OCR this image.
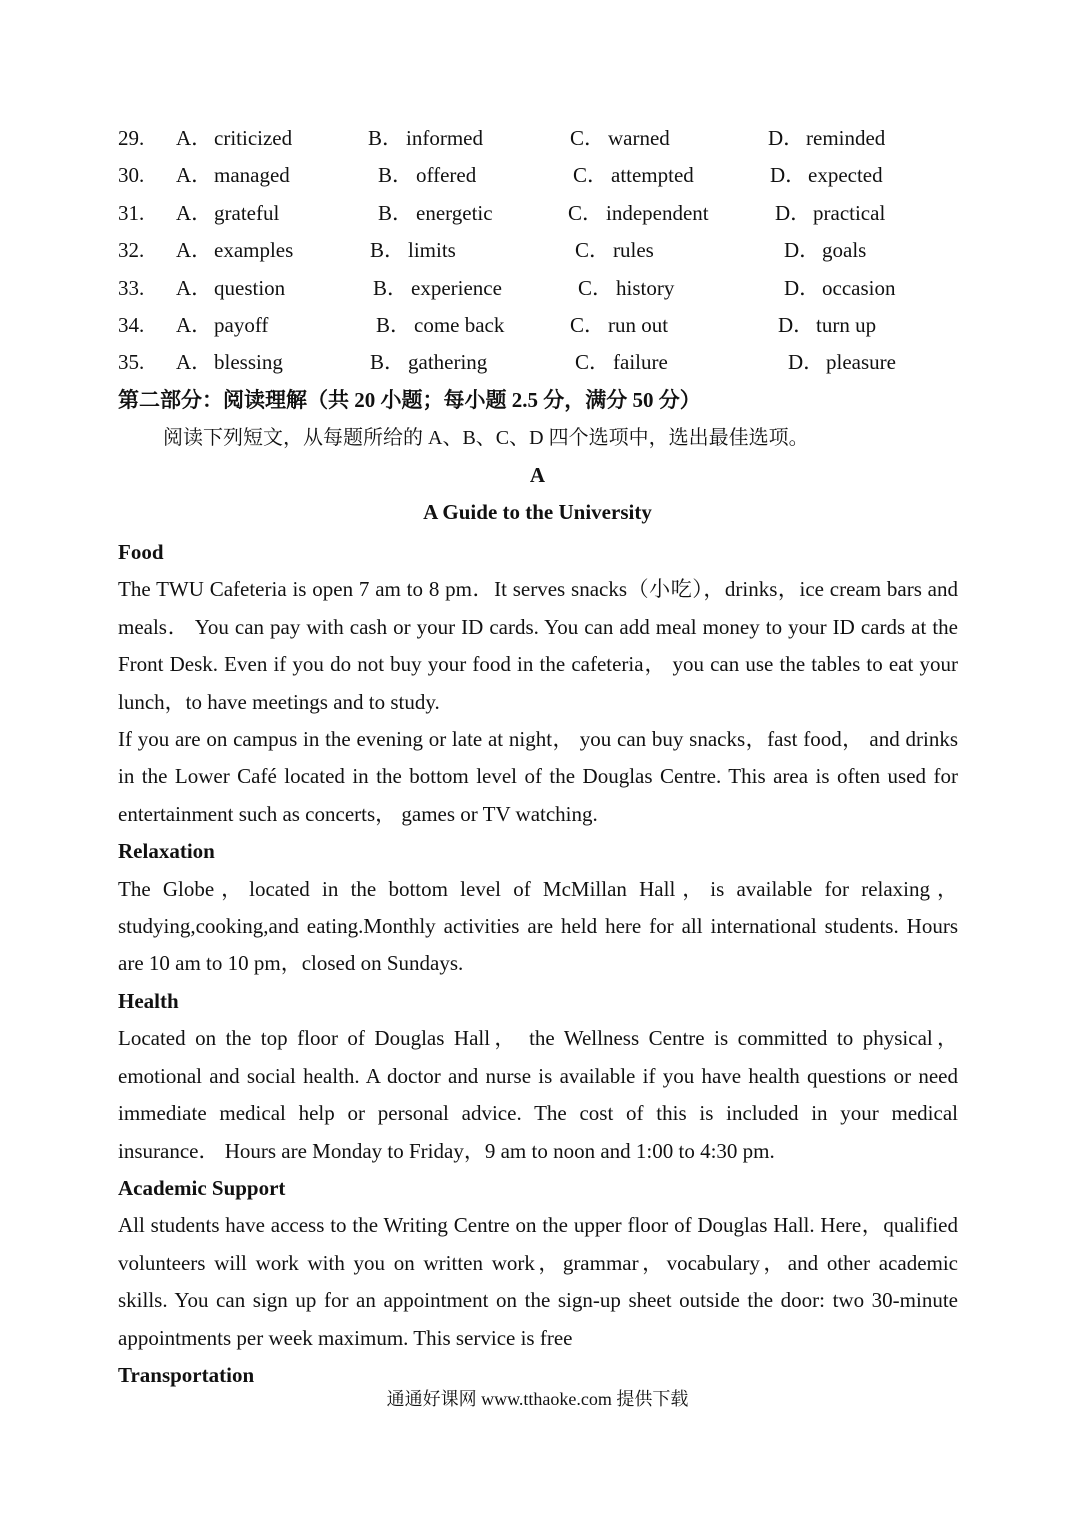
29. A．criticized	B． informed	C． warned	D．reminded
30. A．managed	B． offered	C． attempted	D．expected
31. A．grateful	B． energetic	C． independent	D．practical
32. A．examples	B． limits	C． rules	D．goals
33. A．question	B． experience	C． history	D．occasion
34. A．payoff	B． come back	C． run out	D．turn up
35. A．blessing	B． gathering	C． failure	D．pleasure
第二部分：阅读理解（共 20 小题；每小题 2.5 分，满分 50 分）
阅读下列短文，从每题所给的 A、B、C、D 四个选项中，选出最佳选项。
A
A Guide to the University
Food

The TWU Cafeteria is open 7 am to 8 pm．It serves snacks（小吃），drinks，ice cream bars and meals． You can pay with cash or your ID cards. You can add meal money to your ID cards at the Front Desk. Even if you do not buy your food in the cafeteria， you can use the tables to eat your lunch，to have meetings and to study.

If you are on campus in the evening or late at night， you can buy snacks，fast food， and drinks in the Lower Café located in the bottom level of the Douglas Centre. This area is often used for entertainment such as concerts， games or TV watching.

Relaxation

The Globe，located in the bottom level of McMillan Hall，is available for relaxing，studying,cooking,and eating.Monthly activities are held here for all international students. Hours are 10 am to 10 pm，closed on Sundays.

Health

Located on the top floor of Douglas Hall， the Wellness Centre is committed to physical，emotional and social health. A doctor and nurse is available if you have health questions or need immediate medical help or personal advice. The cost of this is included in your medical insurance． Hours are Monday to Friday，9 am to noon and 1:00 to 4:30 pm.

Academic Support

All students have access to the Writing Centre on the upper floor of Douglas Hall. Here，qualified volunteers will work with you on written work，grammar，vocabulary，and other academic skills. You can sign up for an appointment on the sign-up sheet outside the door: two 30-minute appointments per week maximum. This service is free

Transportation
通通好课网 www.tthaoke.com 提供下载
